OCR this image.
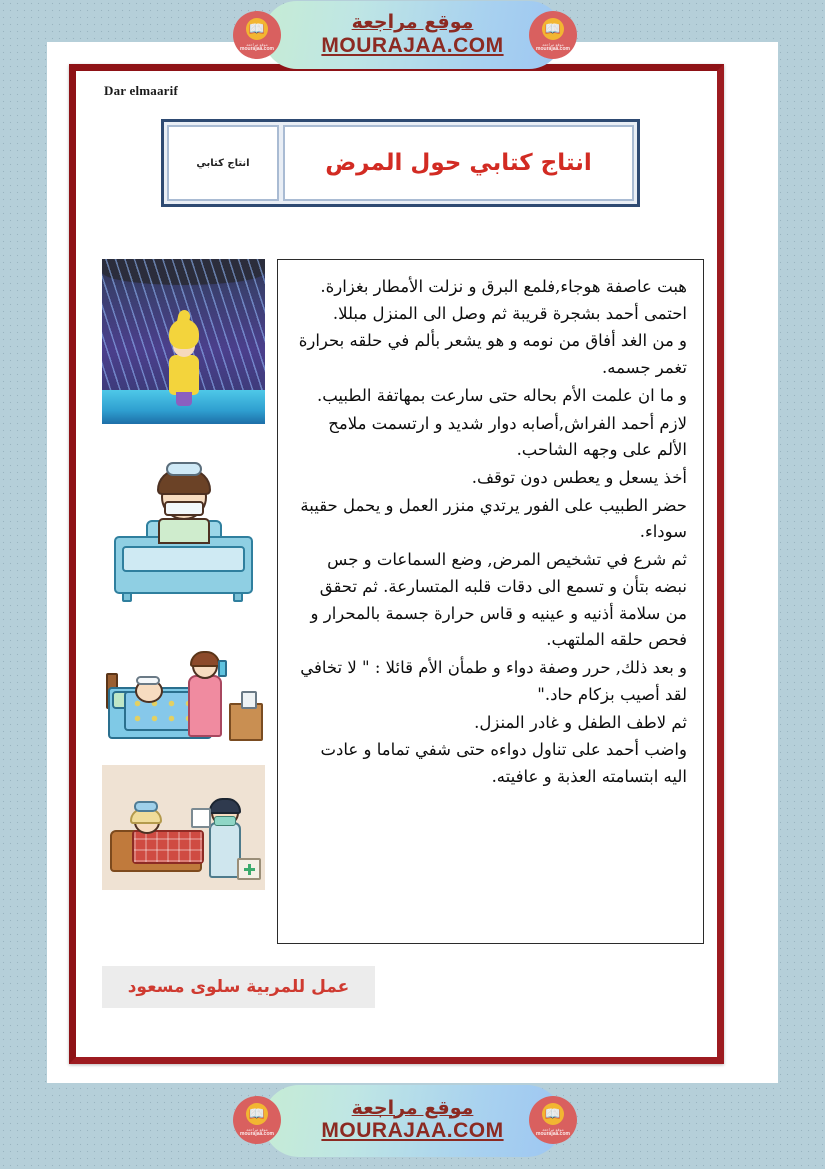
موقع مراجعة
MOURAJAA.COM
📖
موقع مراجعة
mourajaa.com
📖
موقع مراجعة
mourajaa.com
Dar elmaarif
انتاج كتابي حول المرض
انتاج كتابي

هبت عاصفة هوجاء,فلمع البرق و نزلت الأمطار بغزارة. احتمى أحمد بشجرة قريبة ثم وصل الى المنزل مبللا.

و من الغد أفاق من نومه و هو يشعر بألم في حلقه بحرارة تغمر جسمه.

و ما ان علمت الأم بحاله حتى سارعت بمهاتفة الطبيب.

لازم أحمد الفراش,أصابه دوار شديد و ارتسمت ملامح الألم على وجهه الشاحب.

أخذ يسعل و يعطس دون توقف.

حضر الطبيب على الفور يرتدي منزر العمل و يحمل حقيبة سوداء.

ثم شرع في تشخيص المرض, وضع السماعات و جس نبضه بتأن و تسمع الى دقات قلبه المتسارعة. ثم تحقق من سلامة أذنيه و عينيه و قاس حرارة جسمة بالمحرار و فحص حلقه الملتهب.

و بعد ذلك, حرر وصفة دواء و طمأن الأم قائلا : " لا تخافي لقد أصيب بزكام حاد."

ثم لاطف الطفل و غادر المنزل.

واضب أحمد على تناول دواءه حتى شفي تماما و عادت اليه ابتسامته العذبة و عافيته.

عمل للمربية سلوى مسعود
موقع مراجعة
MOURAJAA.COM
📖
موقع مراجعة
mourajaa.com
📖
موقع مراجعة
mourajaa.com
